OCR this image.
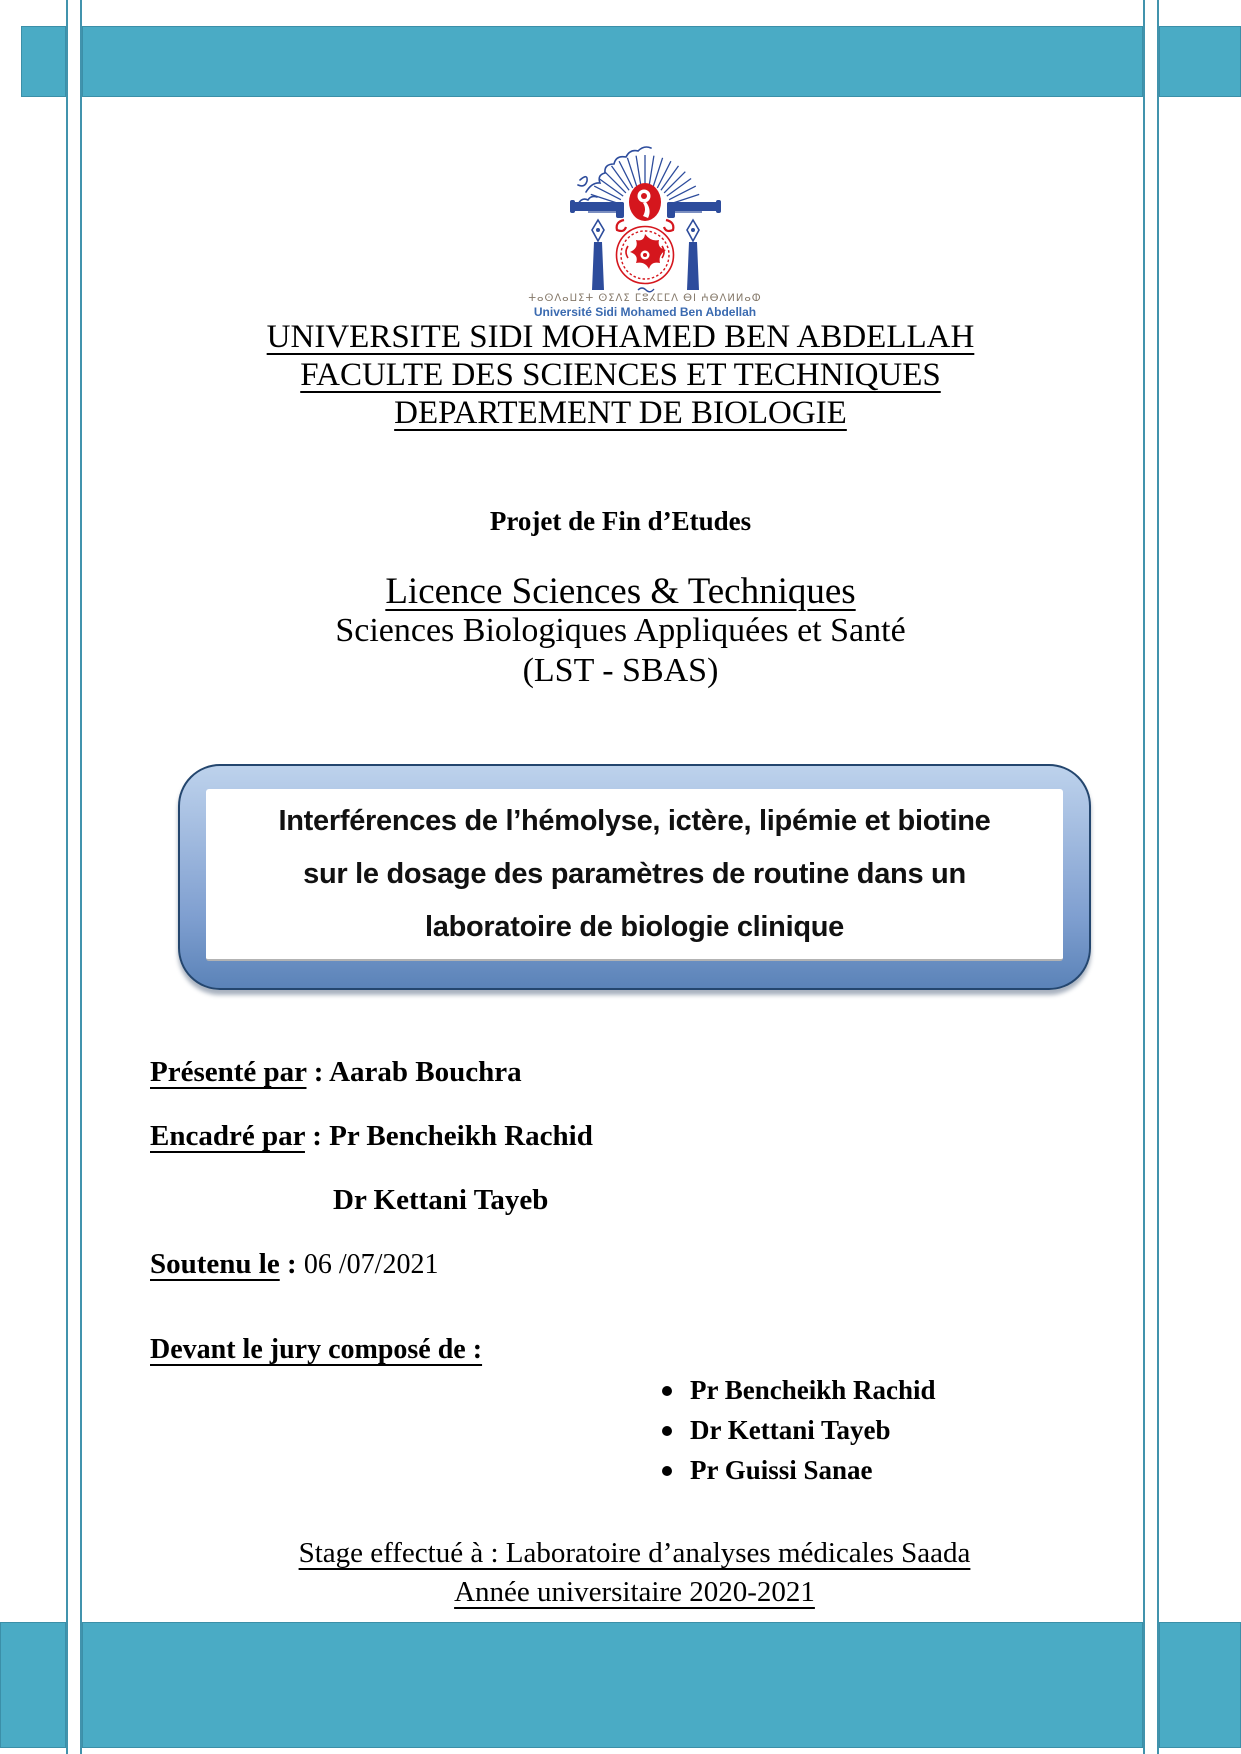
ⵜⴰⵙⴷⴰⵡⵉⵜ ⵙⵉⴷⵉ ⵎⵓⵃⵎⵎⴷ ⴱⵏ ⵄⴱⴷⵍⵍⴰⵀ
Université Sidi Mohamed Ben Abdellah
UNIVERSITE SIDI MOHAMED BEN ABDELLAH
FACULTE DES SCIENCES ET TECHNIQUES
DEPARTEMENT DE BIOLOGIE
Projet de Fin d’Etudes
Licence Sciences & Techniques
Sciences Biologiques Appliquées et Santé
(LST - SBAS)
Interférences de l’hémolyse, ictère, lipémie et biotine
sur le dosage des paramètres de routine dans un
laboratoire de biologie clinique
Présenté par : Aarab Bouchra
Encadré par : Pr Bencheikh Rachid
Dr Kettani Tayeb
Soutenu le : 06 /07/2021
Devant le jury composé de :
Pr Bencheikh Rachid
Dr Kettani Tayeb
Pr Guissi Sanae
Stage effectué à : Laboratoire d’analyses médicales Saada
Année universitaire 2020-2021
